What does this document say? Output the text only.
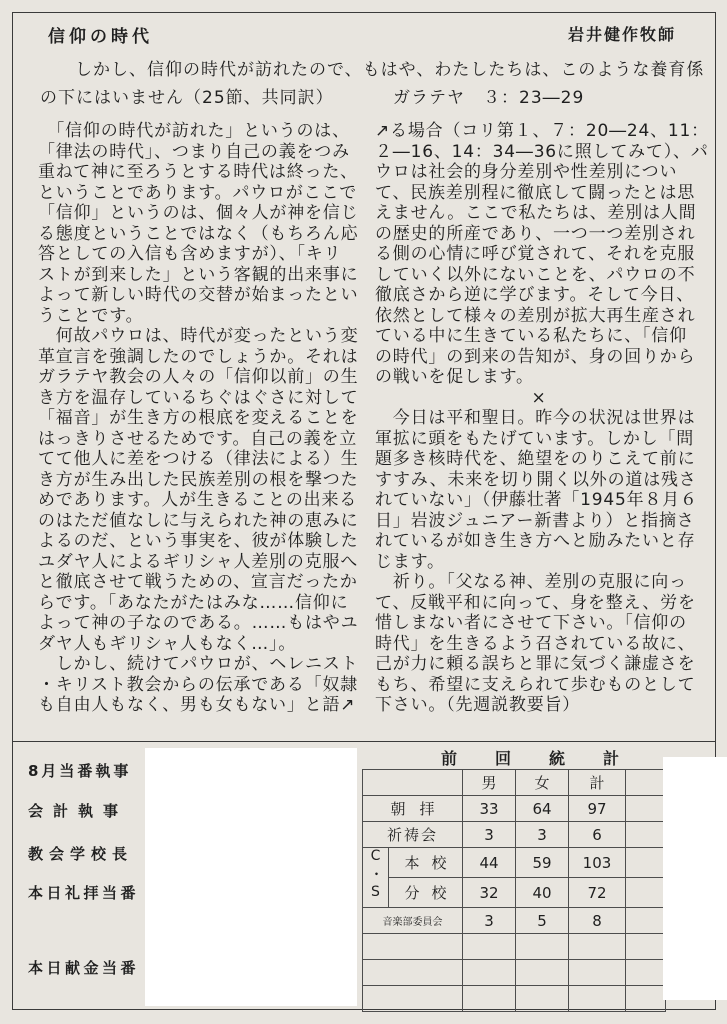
信仰の時代	岩井健作牧師
しかし、信仰の時代が訪れたので、もはや、わたしたちは、このような養育係
の下にはいません（25節、共同訳）	ガラテヤ　３：23―29
　「信仰の時代が訪れた」というのは、
「律法の時代」、つまり自己の義をつみ
重ねて神に至ろうとする時代は終った、
ということであります。パウロがここで
「信仰」というのは、個々人が神を信じ
る態度ということではなく（もちろん応
答としての入信も含めますが）、「キリ
ストが到来した」という客観的出来事に
よって新しい時代の交替が始まったとい
うことです。
　何故パウロは、時代が変ったという変
革宣言を強調したのでしょうか。それは
ガラテヤ教会の人々の「信仰以前」の生
き方を温存しているちぐはぐさに対して
「福音」が生き方の根底を変えることを
はっきりさせるためです。自己の義を立
てて他人に差をつける（律法による）生
き方が生み出した民族差別の根を撃つた
めであります。人が生きることの出来る
のはただ値なしに与えられた神の恵みに
よるのだ、という事実を、彼が体験した
ユダヤ人によるギリシャ人差別の克服へ
と徹底させて戦うための、宣言だったか
らです。「あなたがたはみな……信仰に
よって神の子なのである。……もはやユ
ダヤ人もギリシャ人もなく…」。
　しかし、続けてパウロが、ヘレニスト
・キリスト教会からの伝承である「奴隷
も自由人もなく、男も女もない」と語↗
↗る場合（コリ第１、７：20―24、11：
２―16、14：34―36に照してみて）、パ
ウロは社会的身分差別や性差別につい
て、民族差別程に徹底して闘ったとは思
えません。ここで私たちは、差別は人間
の歴史的所産であり、一つ一つ差別され
る側の心情に呼び覚されて、それを克服
していく以外にないことを、パウロの不
徹底さから逆に学びます。そして今日、
依然として様々の差別が拡大再生産され
ている中に生きている私たちに、「信仰
の時代」の到来の告知が、身の回りから
の戦いを促します。
×
　今日は平和聖日。昨今の状況は世界は
軍拡に頭をもたげています。しかし「問
題多き核時代を、絶望をのりこえて前に
すすみ、未来を切り開く以外の道は残さ
れていない」（伊藤壮著「1945年８月６
日」岩波ジュニアー新書より）と指摘さ
れているが如き生き方へと励みたいと存
じます。
　祈り。「父なる神、差別の克服に向っ
て、反戦平和に向って、身を整え、労を
惜しまない者にさせて下さい。「信仰の
時代」を生きるよう召されている故に、
己が力に頼る誤ちと罪に気づく謙虚さを
もち、希望に支えられて歩むものとして
下さい。（先週説教要旨）
8月当番執事
会計執事
教会学校長
本日礼拝当番
本日献金当番
前回統計
		男	女	計	
朝拝		33	64	97	
祈祷会		3	3	6	
C・S	本校	44	59	103	
	分校	32	40	72	
音楽部委員会		3	5	8	
